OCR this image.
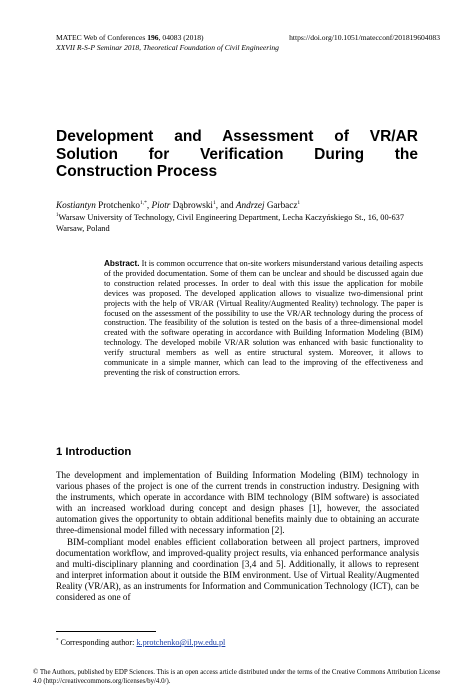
MATEC Web of Conferences 196, 04083 (2018)	https://doi.org/10.1051/matecconf/201819604083
XXVII R-S-P Seminar 2018, Theoretical Foundation of Civil Engineering
Development and Assessment of VR/AR
Solution for Verification During the
Construction Process
Kostiantyn Protchenko$^{1,*}$, Piotr Dąbrowski$^1$, and Andrzej Garbacz$^1$
$^1$Warsaw University of Technology, Civil Engineering Department, Lecha Kaczyńskiego St., 16, 00-637 Warsaw, Poland
Abstract. It is common occurrence that on-site workers misunderstand various detailing aspects of the provided documentation. Some of them can be unclear and should be discussed again due to construction related processes. In order to deal with this issue the application for mobile devices was proposed. The developed application allows to visualize two-dimensional print projects with the help of VR/AR (Virtual Reality/Augmented Reality) technology. The paper is focused on the assessment of the possibility to use the VR/AR technology during the process of construction. The feasibility of the solution is tested on the basis of a three-dimensional model created with the software operating in accordance with Building Information Modeling (BIM) technology. The developed mobile VR/AR solution was enhanced with basic functionality to verify structural members as well as entire structural system. Moreover, it allows to communicate in a simple manner, which can lead to the improving of the effectiveness and preventing the risk of construction errors.
1 Introduction

The development and implementation of Building Information Modeling (BIM) technology in various phases of the project is one of the current trends in construction industry. Designing with the instruments, which operate in accordance with BIM technology (BIM software) is associated with an increased workload during concept and design phases [1], however, the associated automation gives the opportunity to obtain additional benefits mainly due to obtaining an accurate three-dimensional model filled with necessary information [2].

BIM-compliant model enables efficient collaboration between all project partners, improved documentation workflow, and improved-quality project results, via enhanced performance analysis and multi-disciplinary planning and coordination [3,4 and 5]. Additionally, it allows to represent and interpret information about it outside the BIM environment. Use of Virtual Reality/Augmented Reality (VR/AR), as an instruments for Information and Communication Technology (ICT), can be considered as one of

* Corresponding author: k.protchenko@il.pw.edu.pl
© The Authors, published by EDP Sciences. This is an open access article distributed under the terms of the Creative Commons Attribution License 4.0 (http://creativecommons.org/licenses/by/4.0/).
